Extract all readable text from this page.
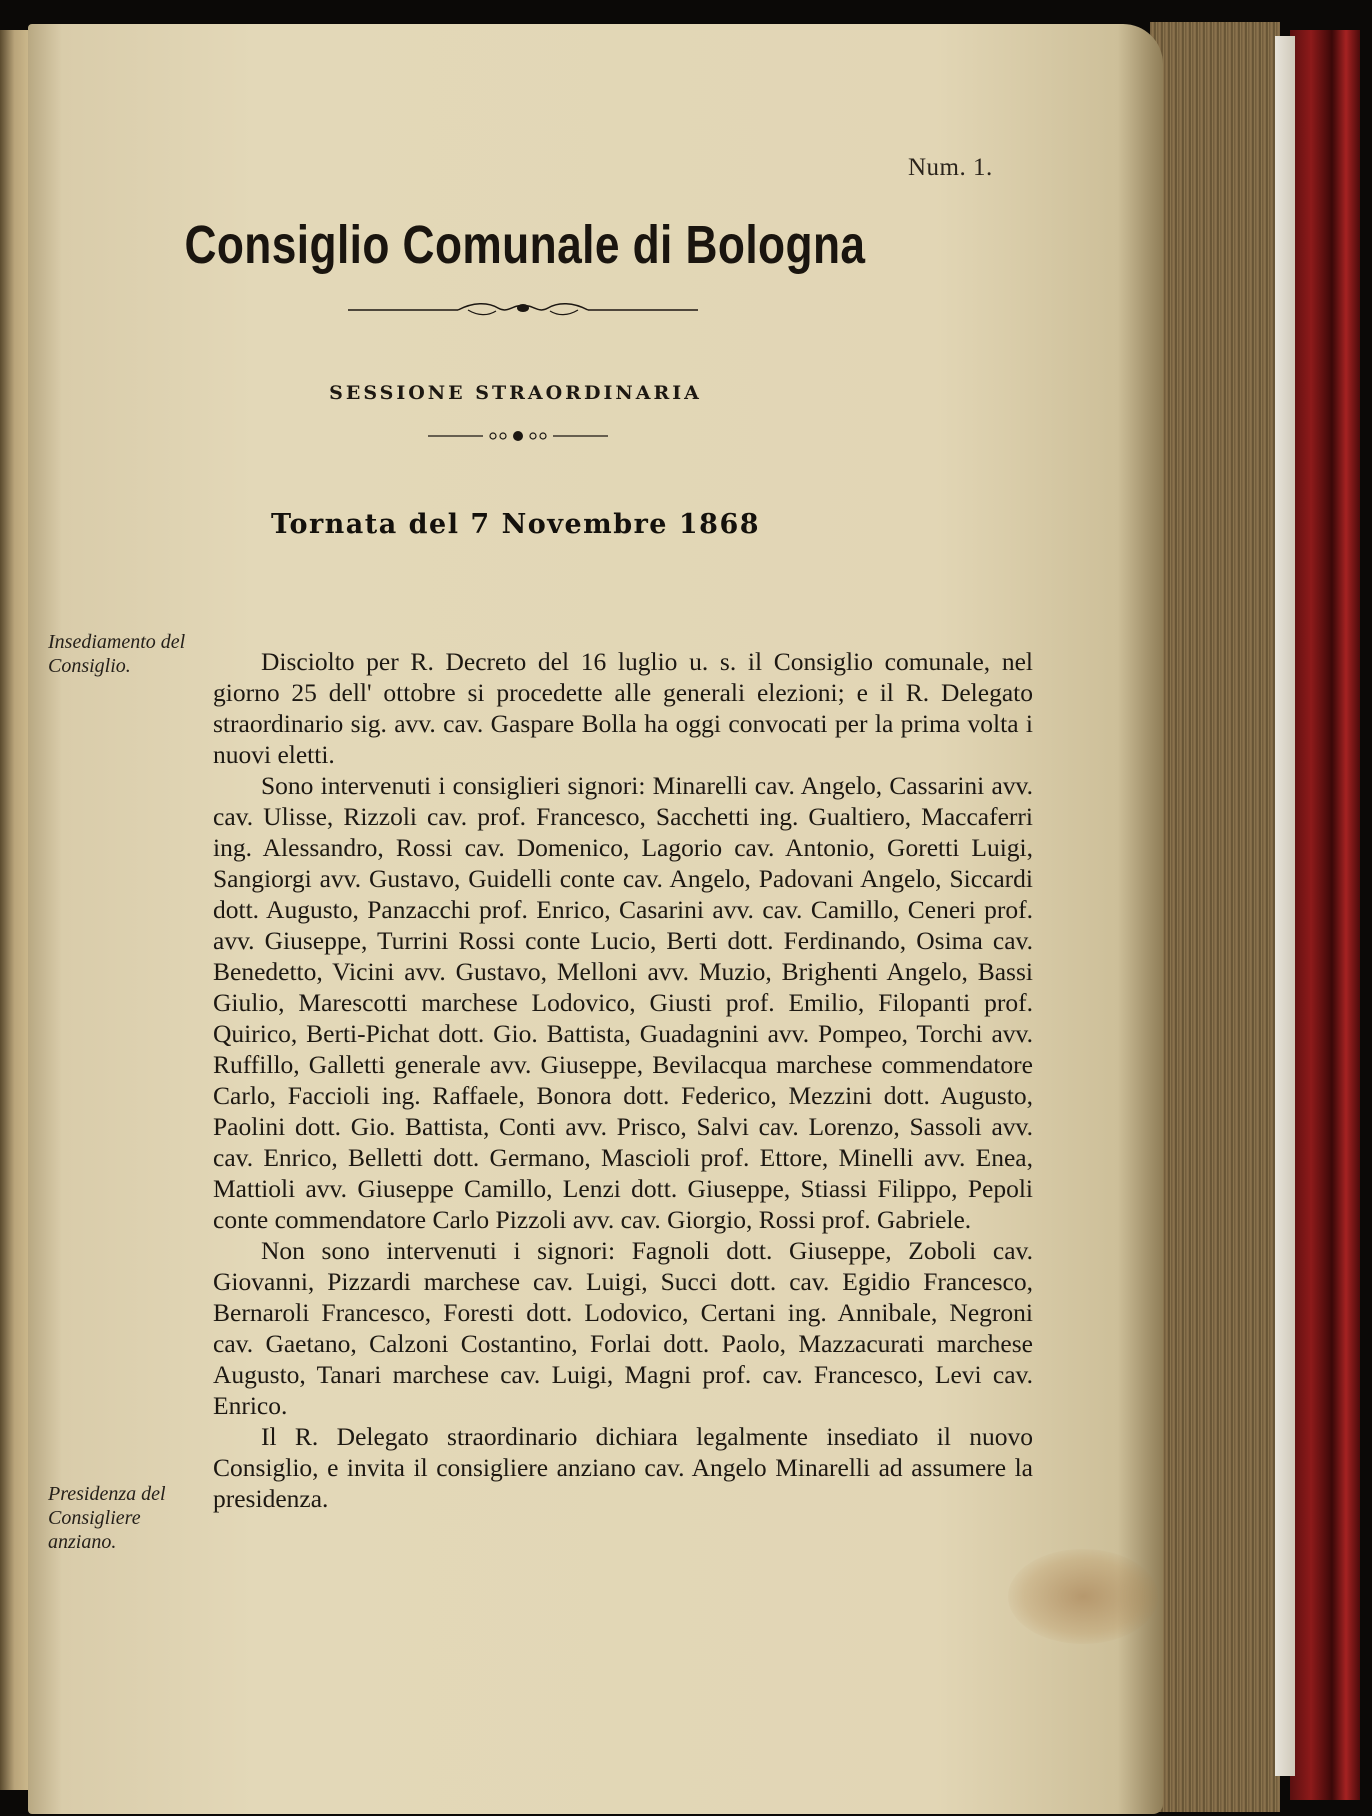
Num. 1.
Consiglio Comunale di Bologna
SESSIONE STRAORDINARIA
Tornata del 7 Novembre 1868
Insediamento del Consiglio.
Presidenza del Consigliere anziano.

Disciolto per R. Decreto del 16 luglio u. s. il Consiglio comunale, nel giorno 25 dell' ottobre si procedette alle generali elezioni; e il R. Delegato straordinario sig. avv. cav. Gaspare Bolla ha oggi convocati per la prima volta i nuovi eletti.

Sono intervenuti i consiglieri signori: Minarelli cav. Angelo, Cassarini avv. cav. Ulisse, Rizzoli cav. prof. Francesco, Sacchetti ing. Gualtiero, Maccaferri ing. Alessandro, Rossi cav. Domenico, Lagorio cav. Antonio, Goretti Luigi, Sangiorgi avv. Gustavo, Guidelli conte cav. Angelo, Padovani Angelo, Siccardi dott. Augusto, Panzacchi prof. Enrico, Casarini avv. cav. Camillo, Ceneri prof. avv. Giuseppe, Turrini Rossi conte Lucio, Berti dott. Ferdinando, Osima cav. Benedetto, Vicini avv. Gustavo, Melloni avv. Muzio, Brighenti Angelo, Bassi Giulio, Marescotti marchese Lodovico, Giusti prof. Emilio, Filopanti prof. Quirico, Berti-Pichat dott. Gio. Battista, Guadagnini avv. Pompeo, Torchi avv. Ruffillo, Galletti generale avv. Giuseppe, Bevilacqua marchese commendatore Carlo, Faccioli ing. Raffaele, Bonora dott. Federico, Mezzini dott. Augusto, Paolini dott. Gio. Battista, Conti avv. Prisco, Salvi cav. Lorenzo, Sassoli avv. cav. Enrico, Belletti dott. Germano, Mascioli prof. Ettore, Minelli avv. Enea, Mattioli avv. Giuseppe Camillo, Lenzi dott. Giuseppe, Stiassi Filippo, Pepoli conte commendatore Carlo Pizzoli avv. cav. Giorgio, Rossi prof. Gabriele.

Non sono intervenuti i signori: Fagnoli dott. Giuseppe, Zoboli cav. Giovanni, Pizzardi marchese cav. Luigi, Succi dott. cav. Egidio Francesco, Bernaroli Francesco, Foresti dott. Lodovico, Certani ing. Annibale, Negroni cav. Gaetano, Calzoni Costantino, Forlai dott. Paolo, Mazzacurati marchese Augusto, Tanari marchese cav. Luigi, Magni prof. cav. Francesco, Levi cav. Enrico.

Il R. Delegato straordinario dichiara legalmente insediato il nuovo Consiglio, e invita il consigliere anziano cav. Angelo Minarelli ad assumere la presidenza.
